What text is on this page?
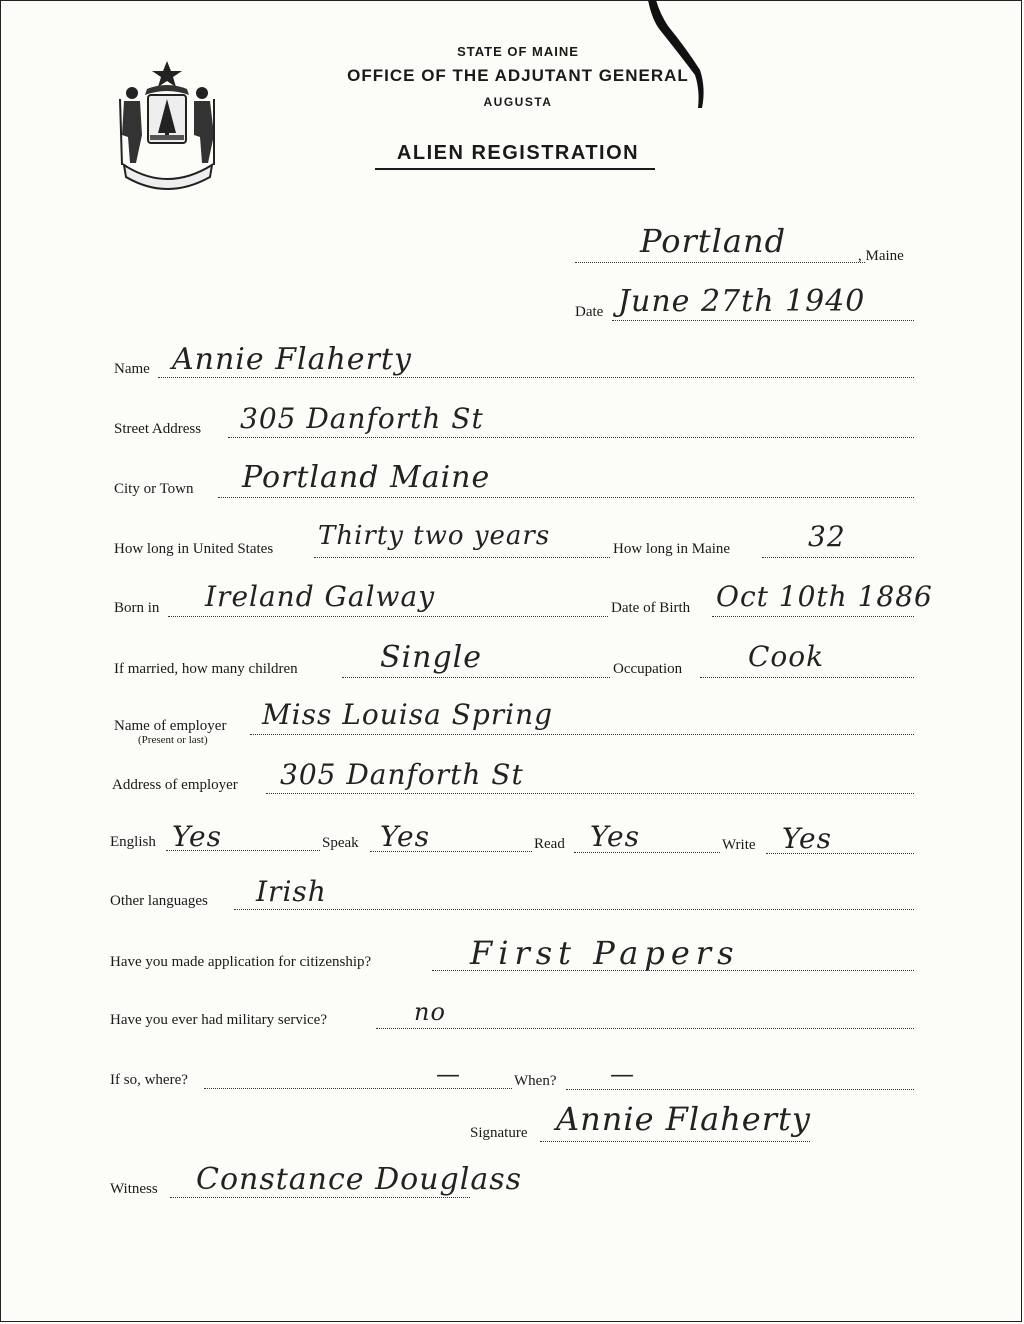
STATE OF MAINE
OFFICE OF THE ADJUTANT GENERAL
AUGUSTA
ALIEN REGISTRATION
Portland	, Maine
Date June 27th 1940
Name Annie Flaherty
Street Address 305 Danforth St
City or Town Portland Maine
How long in United States Thirty two years	How long in Maine	32
Born in Ireland Galway	Date of Birth Oct 10th 1886
If married, how many children	Single	Occupation Cook
Name of employer
(Present or last)
Miss Louisa Spring
Address of employer 305 Danforth St
English Yes	Speak Yes	Read Yes	Write Yes
Other languages Irish
Have you made application for citizenship?	First Papers
Have you ever had military service?	no
If so, where?	—	When? —
Signature Annie Flaherty
Witness Constance Douglass
